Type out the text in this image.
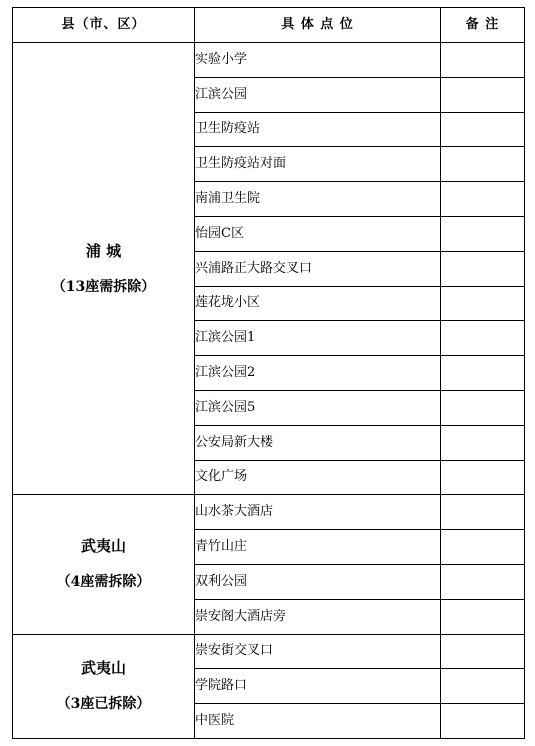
县（市、区）	具 体 点 位	备 注

浦 城
（13座需拆除）	实验小学	
	江滨公园	
	卫生防疫站	
	卫生防疫站对面	
	南浦卫生院	
	怡园C区	
	兴浦路正大路交叉口	
	莲花垅小区	
	江滨公园1	
	江滨公园2	
	江滨公园5	
	公安局新大楼	
	文化广场	

武夷山
（4座需拆除）	山水茶大酒店	
	青竹山庄	
	双利公园	
	崇安阁大酒店旁	

武夷山
（3座已拆除）	崇安街交叉口	
	学院路口	
	中医院	
